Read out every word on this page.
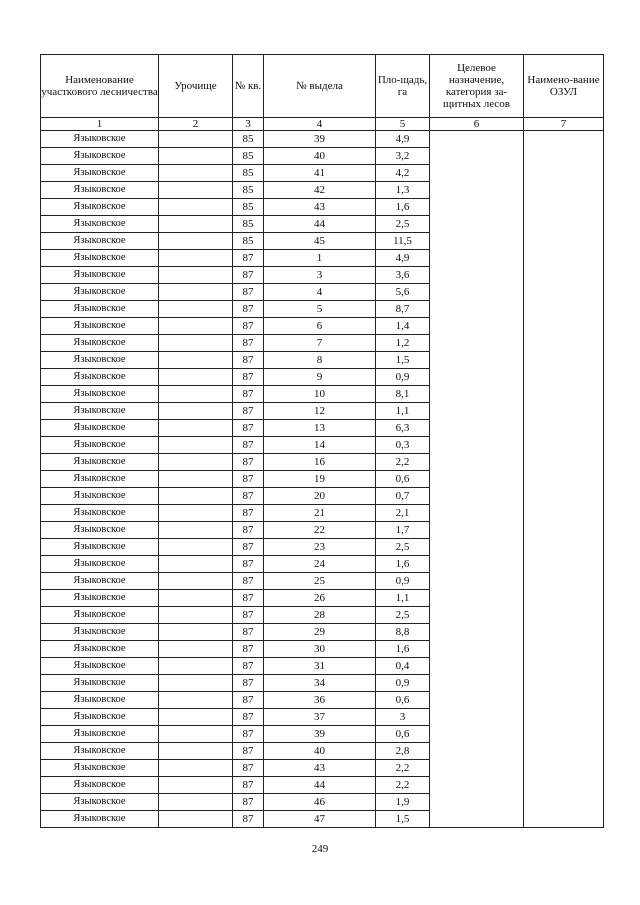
Наименование участкового лесничества	Урочище	№ кв.	№ выдела	Пло-щадь, га	Целевое назначение, категория за-щитных лесов	Наимено-вание ОЗУЛ
1	2	3	4	5	6	7
Языковское		85	39	4,9		
Языковское		85	40	3,2		
Языковское		85	41	4,2		
Языковское		85	42	1,3		
Языковское		85	43	1,6		
Языковское		85	44	2,5		
Языковское		85	45	11,5		
Языковское		87	1	4,9		
Языковское		87	3	3,6		
Языковское		87	4	5,6		
Языковское		87	5	8,7		
Языковское		87	6	1,4		
Языковское		87	7	1,2		
Языковское		87	8	1,5		
Языковское		87	9	0,9		
Языковское		87	10	8,1		
Языковское		87	12	1,1		
Языковское		87	13	6,3		
Языковское		87	14	0,3		
Языковское		87	16	2,2		
Языковское		87	19	0,6		
Языковское		87	20	0,7		
Языковское		87	21	2,1		
Языковское		87	22	1,7		
Языковское		87	23	2,5		
Языковское		87	24	1,6		
Языковское		87	25	0,9		
Языковское		87	26	1,1		
Языковское		87	28	2,5		
Языковское		87	29	8,8		
Языковское		87	30	1,6		
Языковское		87	31	0,4		
Языковское		87	34	0,9		
Языковское		87	36	0,6		
Языковское		87	37	3		
Языковское		87	39	0,6		
Языковское		87	40	2,8		
Языковское		87	43	2,2		
Языковское		87	44	2,2		
Языковское		87	46	1,9		
Языковское		87	47	1,5		
249
